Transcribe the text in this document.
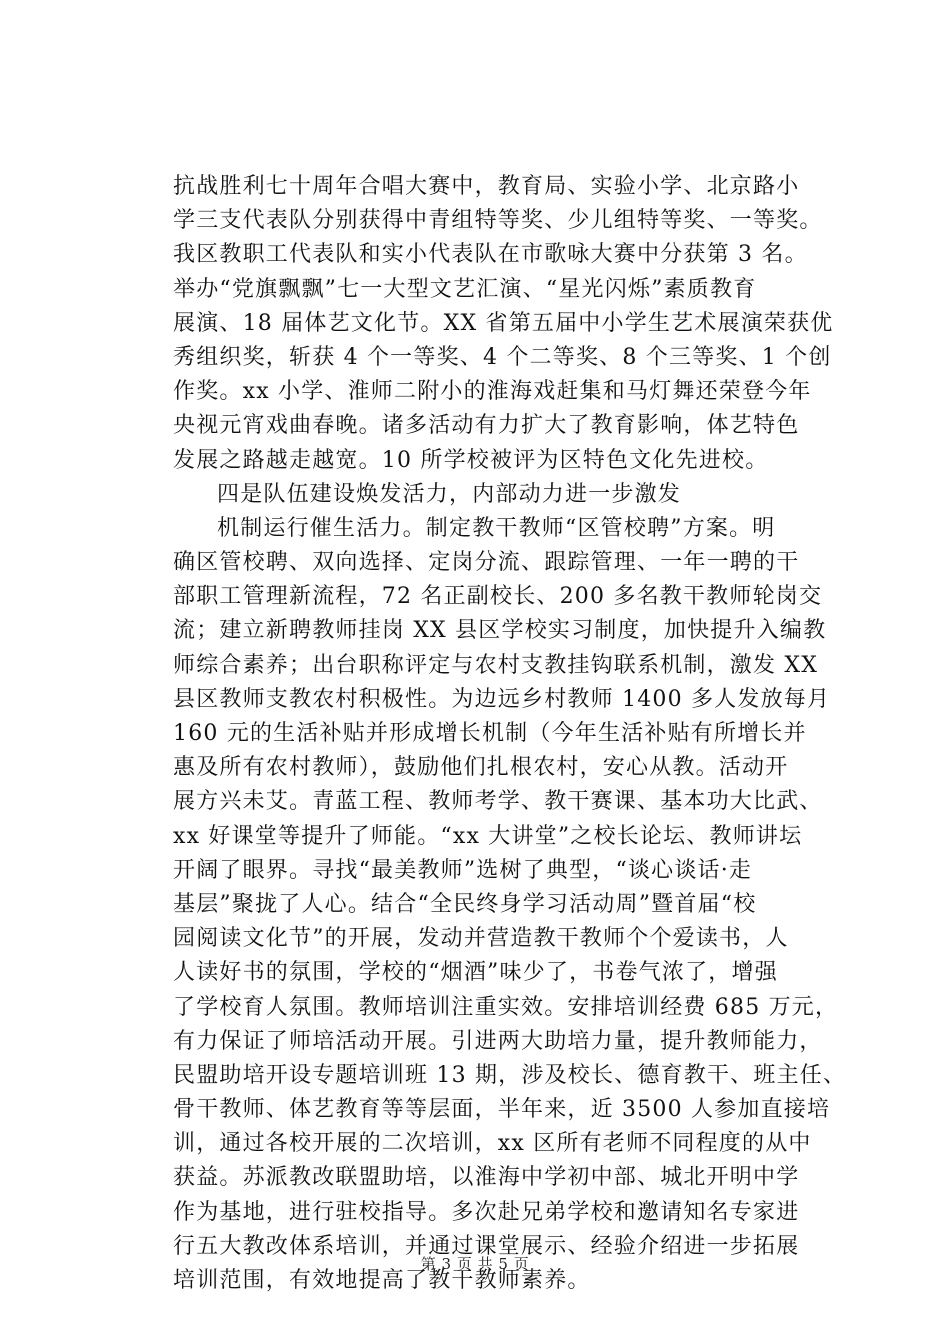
抗战胜利七十周年合唱大赛中，教育局、实验小学、北京路小
学三支代表队分别获得中青组特等奖、少儿组特等奖、一等奖。
我区教职工代表队和实小代表队在市歌咏大赛中分获第 3 名。
举办“党旗飘飘”七一大型文艺汇演、“星光闪烁”素质教育
展演、18 届体艺文化节。XX 省第五届中小学生艺术展演荣获优
秀组织奖，斩获 4 个一等奖、4 个二等奖、8 个三等奖、1 个创
作奖。xx 小学、淮师二附小的淮海戏赶集和马灯舞还荣登今年
央视元宵戏曲春晚。诸多活动有力扩大了教育影响，体艺特色
发展之路越走越宽。10 所学校被评为区特色文化先进校。
四是队伍建设焕发活力，内部动力进一步激发
机制运行催生活力。制定教干教师“区管校聘”方案。明
确区管校聘、双向选择、定岗分流、跟踪管理、一年一聘的干
部职工管理新流程，72 名正副校长、200 多名教干教师轮岗交
流；建立新聘教师挂岗 XX 县区学校实习制度，加快提升入编教
师综合素养；出台职称评定与农村支教挂钩联系机制，激发 XX
县区教师支教农村积极性。为边远乡村教师 1400 多人发放每月
160 元的生活补贴并形成增长机制（今年生活补贴有所增长并
惠及所有农村教师），鼓励他们扎根农村，安心从教。活动开
展方兴未艾。青蓝工程、教师考学、教干赛课、基本功大比武、
xx 好课堂等提升了师能。“xx 大讲堂”之校长论坛、教师讲坛
开阔了眼界。寻找“最美教师”选树了典型，“谈心谈话·走
基层”聚拢了人心。结合“全民终身学习活动周”暨首届“校
园阅读文化节”的开展，发动并营造教干教师个个爱读书，人
人读好书的氛围，学校的“烟酒”味少了，书卷气浓了，增强
了学校育人氛围。教师培训注重实效。安排培训经费 685 万元，
有力保证了师培活动开展。引进两大助培力量，提升教师能力，
民盟助培开设专题培训班 13 期，涉及校长、德育教干、班主任、
骨干教师、体艺教育等等层面，半年来，近 3500 人参加直接培
训，通过各校开展的二次培训，xx 区所有老师不同程度的从中
获益。苏派教改联盟助培，以淮海中学初中部、城北开明中学
作为基地，进行驻校指导。多次赴兄弟学校和邀请知名专家进
行五大教改体系培训，并通过课堂展示、经验介绍进一步拓展
培训范围，有效地提高了教干教师素养。
第 3 页 共 5 页
